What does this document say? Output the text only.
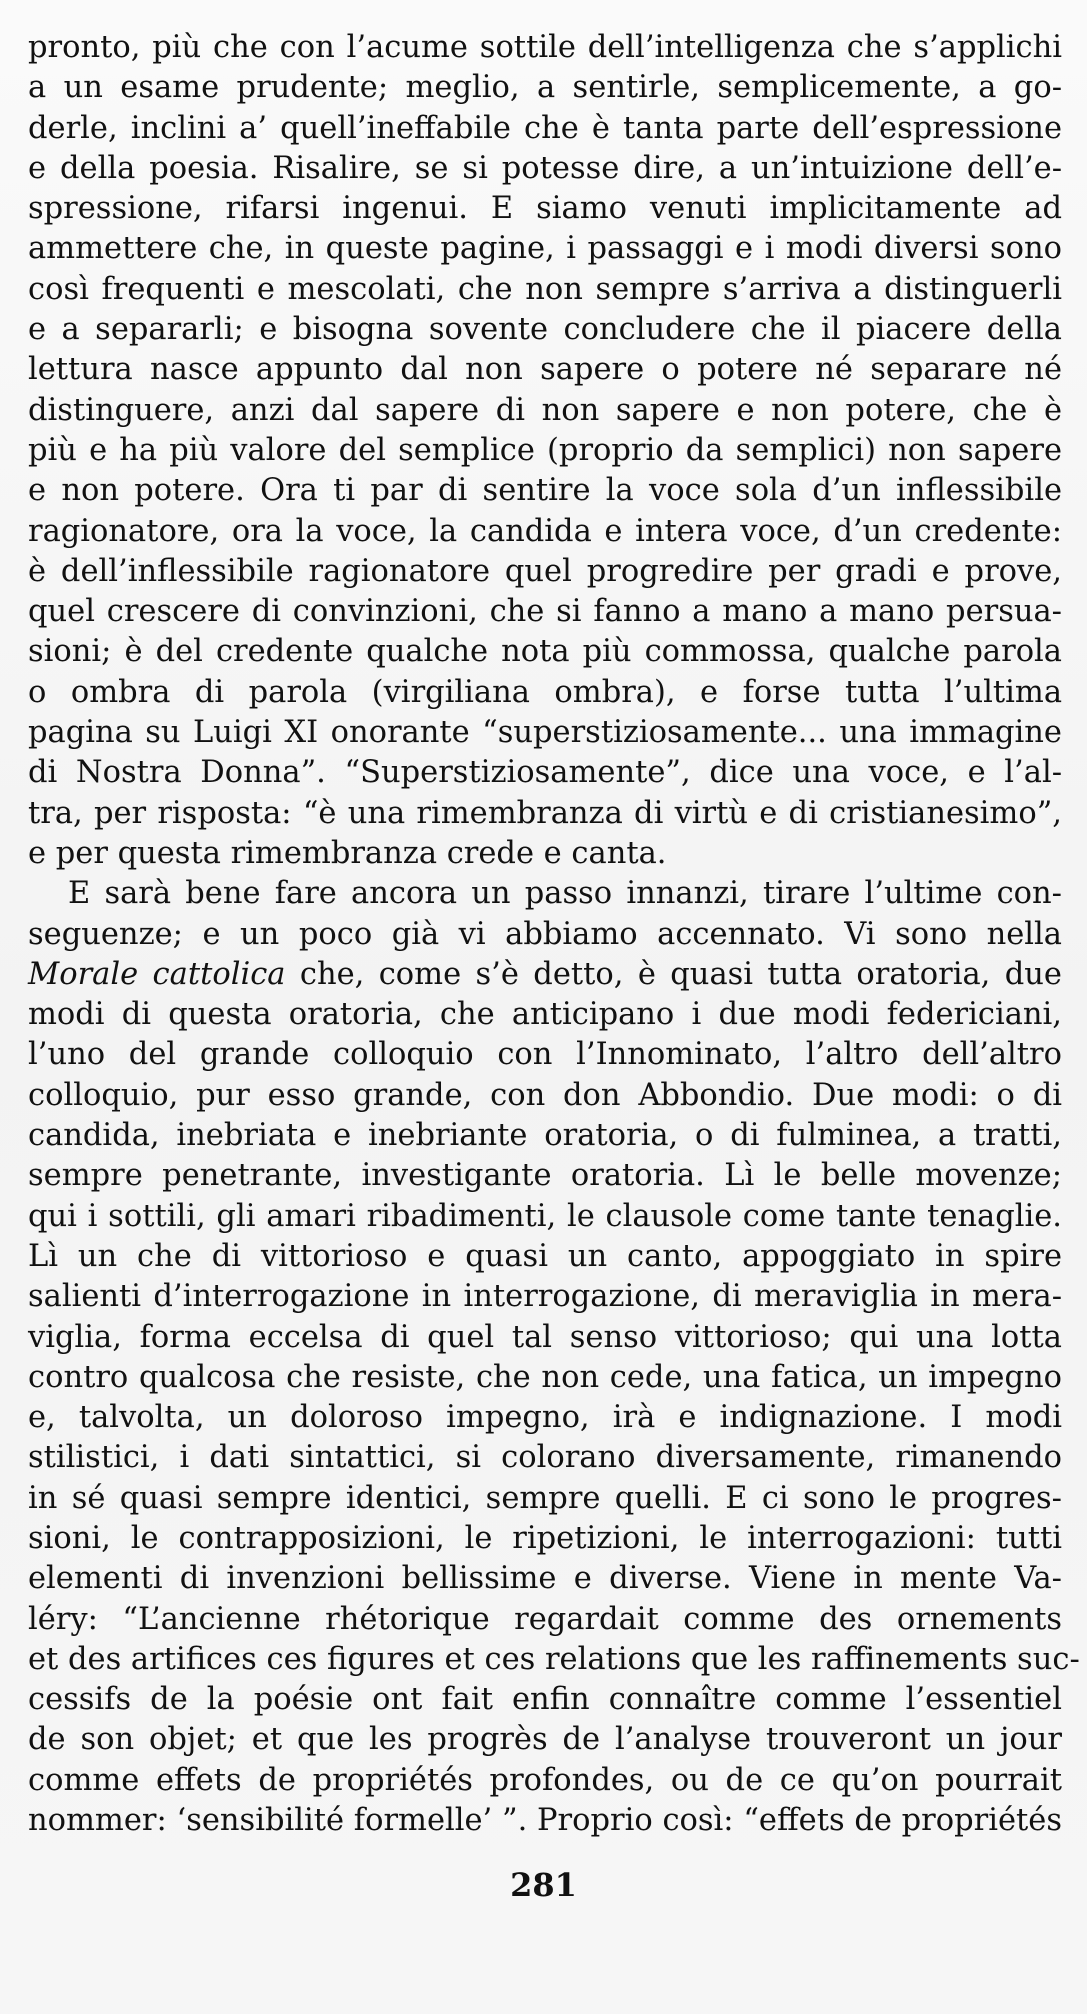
pronto, più che con l’acume sottile dell’intelligenza che s’applichi
a un esame prudente; meglio, a sentirle, semplicemente, a go-
derle, inclini a’ quell’ineffabile che è tanta parte dell’espressione
e della poesia. Risalire, se si potesse dire, a un’intuizione dell’e-
spressione, rifarsi ingenui. E siamo venuti implicitamente ad
ammettere che, in queste pagine, i passaggi e i modi diversi sono
così frequenti e mescolati, che non sempre s’arriva a distinguerli
e a separarli; e bisogna sovente concludere che il piacere della
lettura nasce appunto dal non sapere o potere né separare né
distinguere, anzi dal sapere di non sapere e non potere, che è
più e ha più valore del semplice (proprio da semplici) non sapere
e non potere. Ora ti par di sentire la voce sola d’un inflessibile
ragionatore, ora la voce, la candida e intera voce, d’un credente:
è dell’inflessibile ragionatore quel progredire per gradi e prove,
quel crescere di convinzioni, che si fanno a mano a mano persua-
sioni; è del credente qualche nota più commossa, qualche parola
o ombra di parola (virgiliana ombra), e forse tutta l’ultima
pagina su Luigi XI onorante “superstiziosamente... una immagine
di Nostra Donna”. “Superstiziosamente”, dice una voce, e l’al-
tra, per risposta: “è una rimembranza di virtù e di cristianesimo”,
e per questa rimembranza crede e canta.
E sarà bene fare ancora un passo innanzi, tirare l’ultime con-
seguenze; e un poco già vi abbiamo accennato. Vi sono nella
Morale cattolica che, come s’è detto, è quasi tutta oratoria, due
modi di questa oratoria, che anticipano i due modi federiciani,
l’uno del grande colloquio con l’Innominato, l’altro dell’altro
colloquio, pur esso grande, con don Abbondio. Due modi: o di
candida, inebriata e inebriante oratoria, o di fulminea, a tratti,
sempre penetrante, investigante oratoria. Lì le belle movenze;
qui i sottili, gli amari ribadimenti, le clausole come tante tenaglie.
Lì un che di vittorioso e quasi un canto, appoggiato in spire
salienti d’interrogazione in interrogazione, di meraviglia in mera-
viglia, forma eccelsa di quel tal senso vittorioso; qui una lotta
contro qualcosa che resiste, che non cede, una fatica, un impegno
e, talvolta, un doloroso impegno, irà e indignazione. I modi
stilistici, i dati sintattici, si colorano diversamente, rimanendo
in sé quasi sempre identici, sempre quelli. E ci sono le progres-
sioni, le contrapposizioni, le ripetizioni, le interrogazioni: tutti
elementi di invenzioni bellissime e diverse. Viene in mente Va-
léry: “L’ancienne rhétorique regardait comme des ornements
et des artifices ces figures et ces relations que les raffinements suc-
cessifs de la poésie ont fait enfin connaître comme l’essentiel
de son objet; et que les progrès de l’analyse trouveront un jour
comme effets de propriétés profondes, ou de ce qu’on pourrait
nommer: ‘sensibilité formelle’ ”. Proprio così: “effets de propriétés
281
